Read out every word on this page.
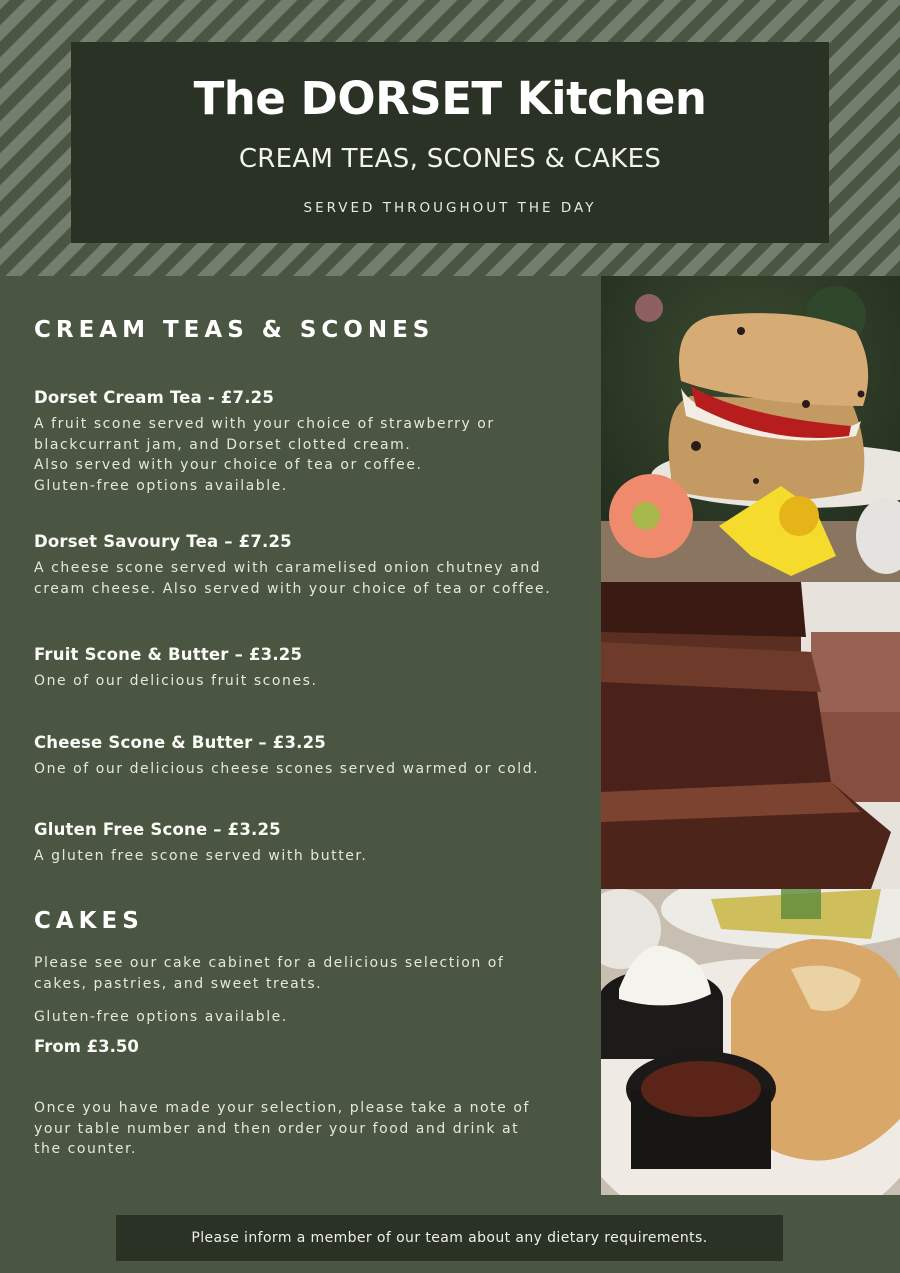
The DORSET Kitchen
CREAM TEAS, SCONES & CAKES
SERVED THROUGHOUT THE DAY
CREAM TEAS & SCONES
Dorset Cream Tea - £7.25
A fruit scone served with your choice of strawberry or
blackcurrant jam, and Dorset clotted cream.
Also served with your choice of tea or coffee.
Gluten-free options available.
Dorset Savoury Tea – £7.25
A cheese scone served with caramelised onion chutney and
cream cheese. Also served with your choice of tea or coffee.
Fruit Scone & Butter – £3.25
One of our delicious fruit scones.
Cheese Scone & Butter – £3.25
One of our delicious cheese scones served warmed or cold.
Gluten Free Scone – £3.25
A gluten free scone served with butter.
CAKES
Please see our cake cabinet for a delicious selection of
cakes, pastries, and sweet treats.
Gluten-free options available.
From £3.50
Once you have made your selection, please take a note of
your table number and then order your food and drink at
the counter.
Please inform a member of our team about any dietary requirements.
